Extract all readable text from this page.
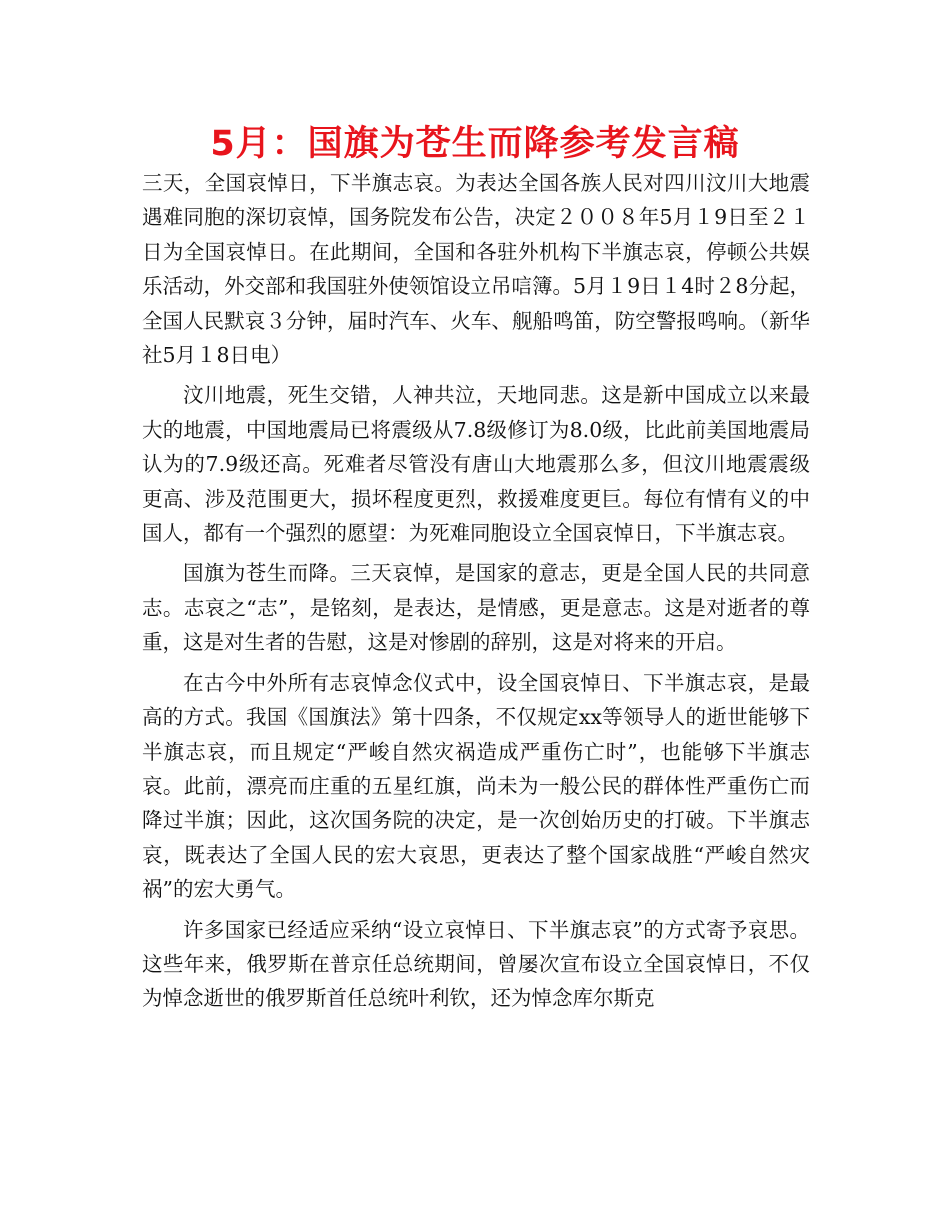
5月：国旗为苍生而降参考发言稿

三天，全国哀悼日，下半旗志哀。为表达全国各族人民对四川汶川大地震遇难同胞的深切哀悼，国务院发布公告，决定２００８年5月１9日至２１日为全国哀悼日。在此期间，全国和各驻外机构下半旗志哀，停顿公共娱乐活动，外交部和我国驻外使领馆设立吊唁簿。5月１9日１4时２8分起，全国人民默哀３分钟，届时汽车、火车、舰船鸣笛，防空警报鸣响。（新华社5月１8日电）

汶川地震，死生交错，人神共泣，天地同悲。这是新中国成立以来最大的地震，中国地震局已将震级从7.8级修订为8.0级，比此前美国地震局认为的7.9级还高。死难者尽管没有唐山大地震那么多，但汶川地震震级更高、涉及范围更大，损坏程度更烈，救援难度更巨。每位有情有义的中国人，都有一个强烈的愿望：为死难同胞设立全国哀悼日，下半旗志哀。

国旗为苍生而降。三天哀悼，是国家的意志，更是全国人民的共同意志。志哀之“志”，是铭刻，是表达，是情感，更是意志。这是对逝者的尊重，这是对生者的告慰，这是对惨剧的辞别，这是对将来的开启。

在古今中外所有志哀悼念仪式中，设全国哀悼日、下半旗志哀，是最高的方式。我国《国旗法》第十四条，不仅规定xx等领导人的逝世能够下半旗志哀，而且规定“严峻自然灾祸造成严重伤亡时”，也能够下半旗志哀。此前，漂亮而庄重的五星红旗，尚未为一般公民的群体性严重伤亡而降过半旗；因此，这次国务院的决定，是一次创始历史的打破。下半旗志哀，既表达了全国人民的宏大哀思，更表达了整个国家战胜“严峻自然灾祸”的宏大勇气。

许多国家已经适应采纳“设立哀悼日、下半旗志哀”的方式寄予哀思。这些年来，俄罗斯在普京任总统期间，曾屡次宣布设立全国哀悼日，不仅为悼念逝世的俄罗斯首任总统叶利钦，还为悼念库尔斯克
